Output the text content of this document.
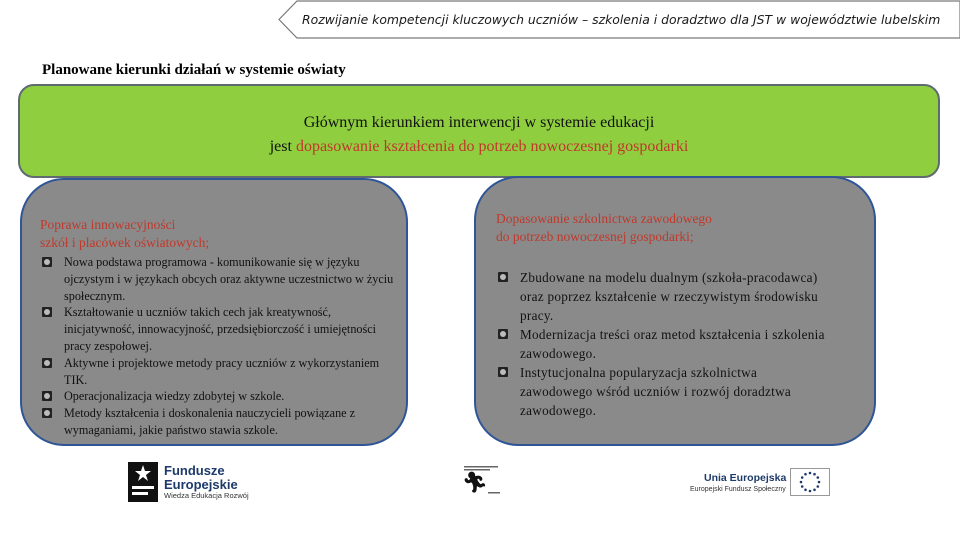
Rozwijanie kompetencji kluczowych uczniów – szkolenia i doradztwo dla JST w województwie lubelskim
Planowane kierunki działań w systemie oświaty
Głównym kierunkiem interwencji w systemie edukacji
jest dopasowanie kształcenia do potrzeb nowoczesnej gospodarki
Poprawa innowacyjności
szkół i placówek oświatowych;
Nowa podstawa programowa - komunikowanie się w języku ojczystym i w językach obcych oraz aktywne uczestnictwo w życiu społecznym.
Kształtowanie u uczniów takich cech jak kreatywność, inicjatywność, innowacyjność, przedsiębiorczość i umiejętności pracy zespołowej.
Aktywne i projektowe metody pracy uczniów z wykorzystaniem TIK.
Operacjonalizacja wiedzy zdobytej w szkole.
Metody kształcenia i doskonalenia nauczycieli powiązane z wymaganiami, jakie państwo stawia szkole.
Dopasowanie szkolnictwa zawodowego
do potrzeb nowoczesnej gospodarki;
Zbudowane na modelu dualnym (szkoła-pracodawca) oraz poprzez kształcenie w rzeczywistym środowisku pracy.
Modernizacja treści oraz metod kształcenia i szkolenia zawodowego.
Instytucjonalna popularyzacja szkolnictwa zawodowego wśród uczniów i rozwój doradztwa zawodowego.
Fundusze
Europejskie
Wiedza Edukacja Rozwój
🏃︎	Unia Europejska
Europejski Fundusz Społeczny
